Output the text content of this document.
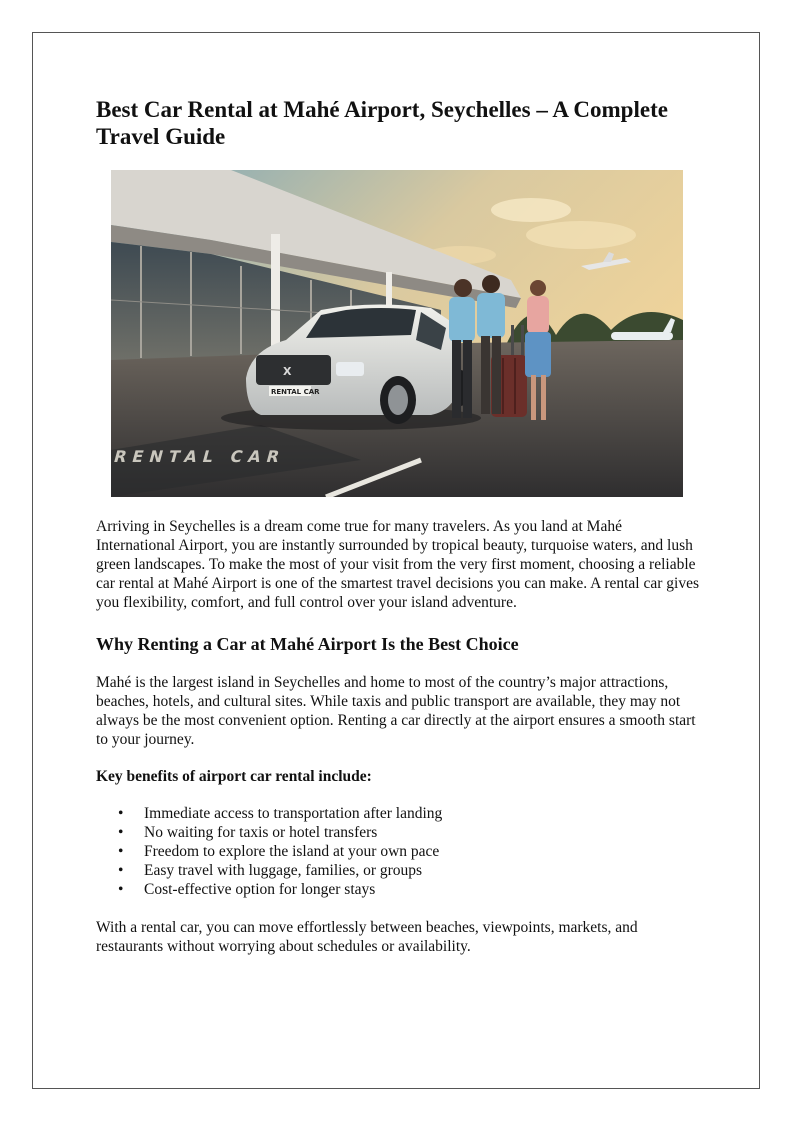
Best Car Rental at Mahé Airport, Seychelles – A Complete Travel Guide
RENTAL CAR
X
RENTAL CAR

Arriving in Seychelles is a dream come true for many travelers. As you land at Mahé International Airport, you are instantly surrounded by tropical beauty, turquoise waters, and lush green landscapes. To make the most of your visit from the very first moment, choosing a reliable car rental at Mahé Airport is one of the smartest travel decisions you can make. A rental car gives you flexibility, comfort, and full control over your island adventure.

Why Renting a Car at Mahé Airport Is the Best Choice

Mahé is the largest island in Seychelles and home to most of the country’s major attractions, beaches, hotels, and cultural sites. While taxis and public transport are available, they may not always be the most convenient option. Renting a car directly at the airport ensures a smooth start to your journey.

Key benefits of airport car rental include:

• Immediate access to transportation after landing
• No waiting for taxis or hotel transfers
• Freedom to explore the island at your own pace
• Easy travel with luggage, families, or groups
• Cost-effective option for longer stays

With a rental car, you can move effortlessly between beaches, viewpoints, markets, and restaurants without worrying about schedules or availability.
